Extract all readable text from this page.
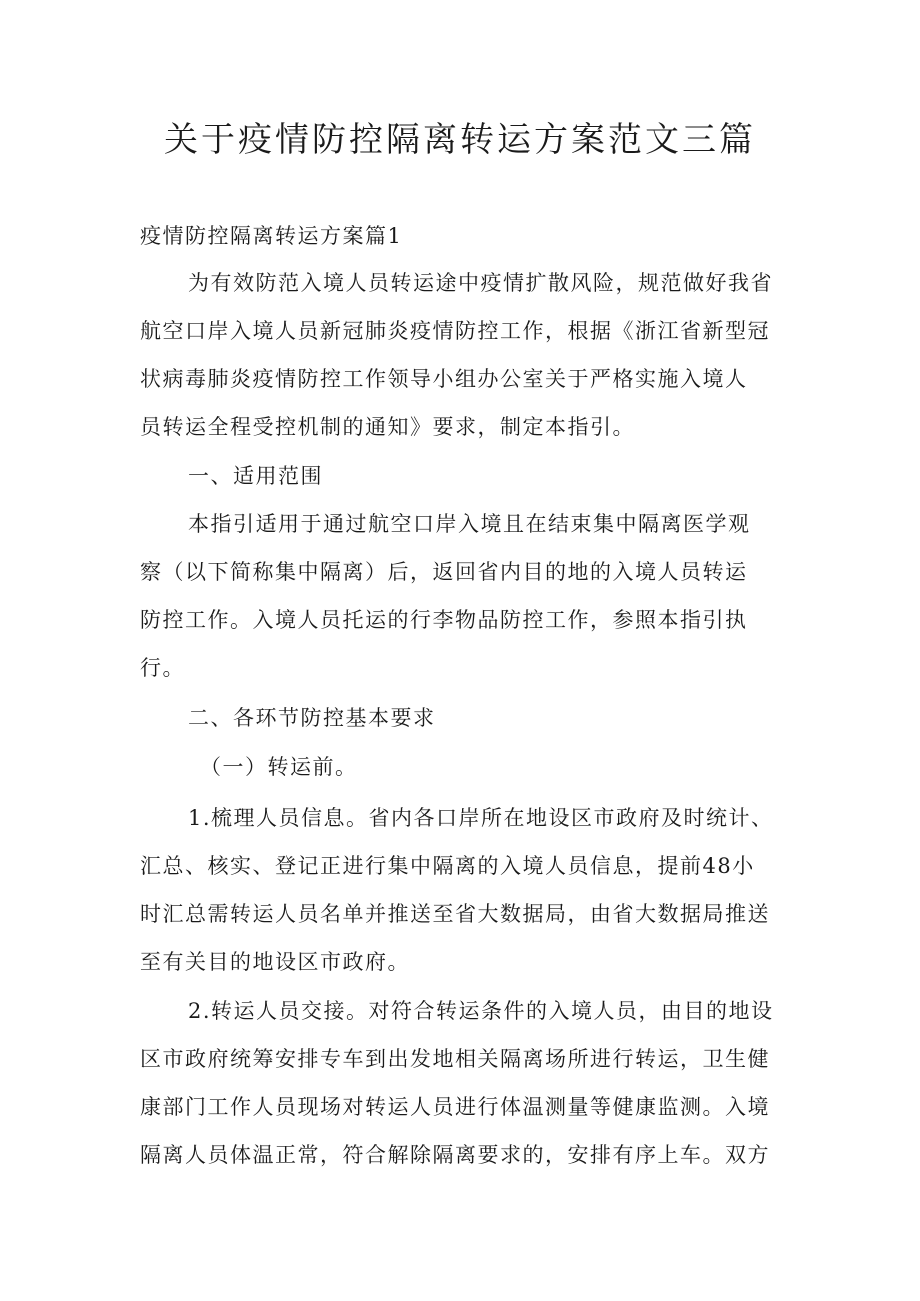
关于疫情防控隔离转运方案范文三篇
疫情防控隔离转运方案篇1
为有效防范入境人员转运途中疫情扩散风险，规范做好我省
航空口岸入境人员新冠肺炎疫情防控工作，根据《浙江省新型冠
状病毒肺炎疫情防控工作领导小组办公室关于严格实施入境人
员转运全程受控机制的通知》要求，制定本指引。
一、适用范围
本指引适用于通过航空口岸入境且在结束集中隔离医学观
察（以下简称集中隔离）后，返回省内目的地的入境人员转运
防控工作。入境人员托运的行李物品防控工作，参照本指引执
行。
二、各环节防控基本要求
（一）转运前。
1.梳理人员信息。省内各口岸所在地设区市政府及时统计、
汇总、核实、登记正进行集中隔离的入境人员信息，提前48小
时汇总需转运人员名单并推送至省大数据局，由省大数据局推送
至有关目的地设区市政府。
2.转运人员交接。对符合转运条件的入境人员，由目的地设
区市政府统筹安排专车到出发地相关隔离场所进行转运，卫生健
康部门工作人员现场对转运人员进行体温测量等健康监测。入境
隔离人员体温正常，符合解除隔离要求的，安排有序上车。双方
